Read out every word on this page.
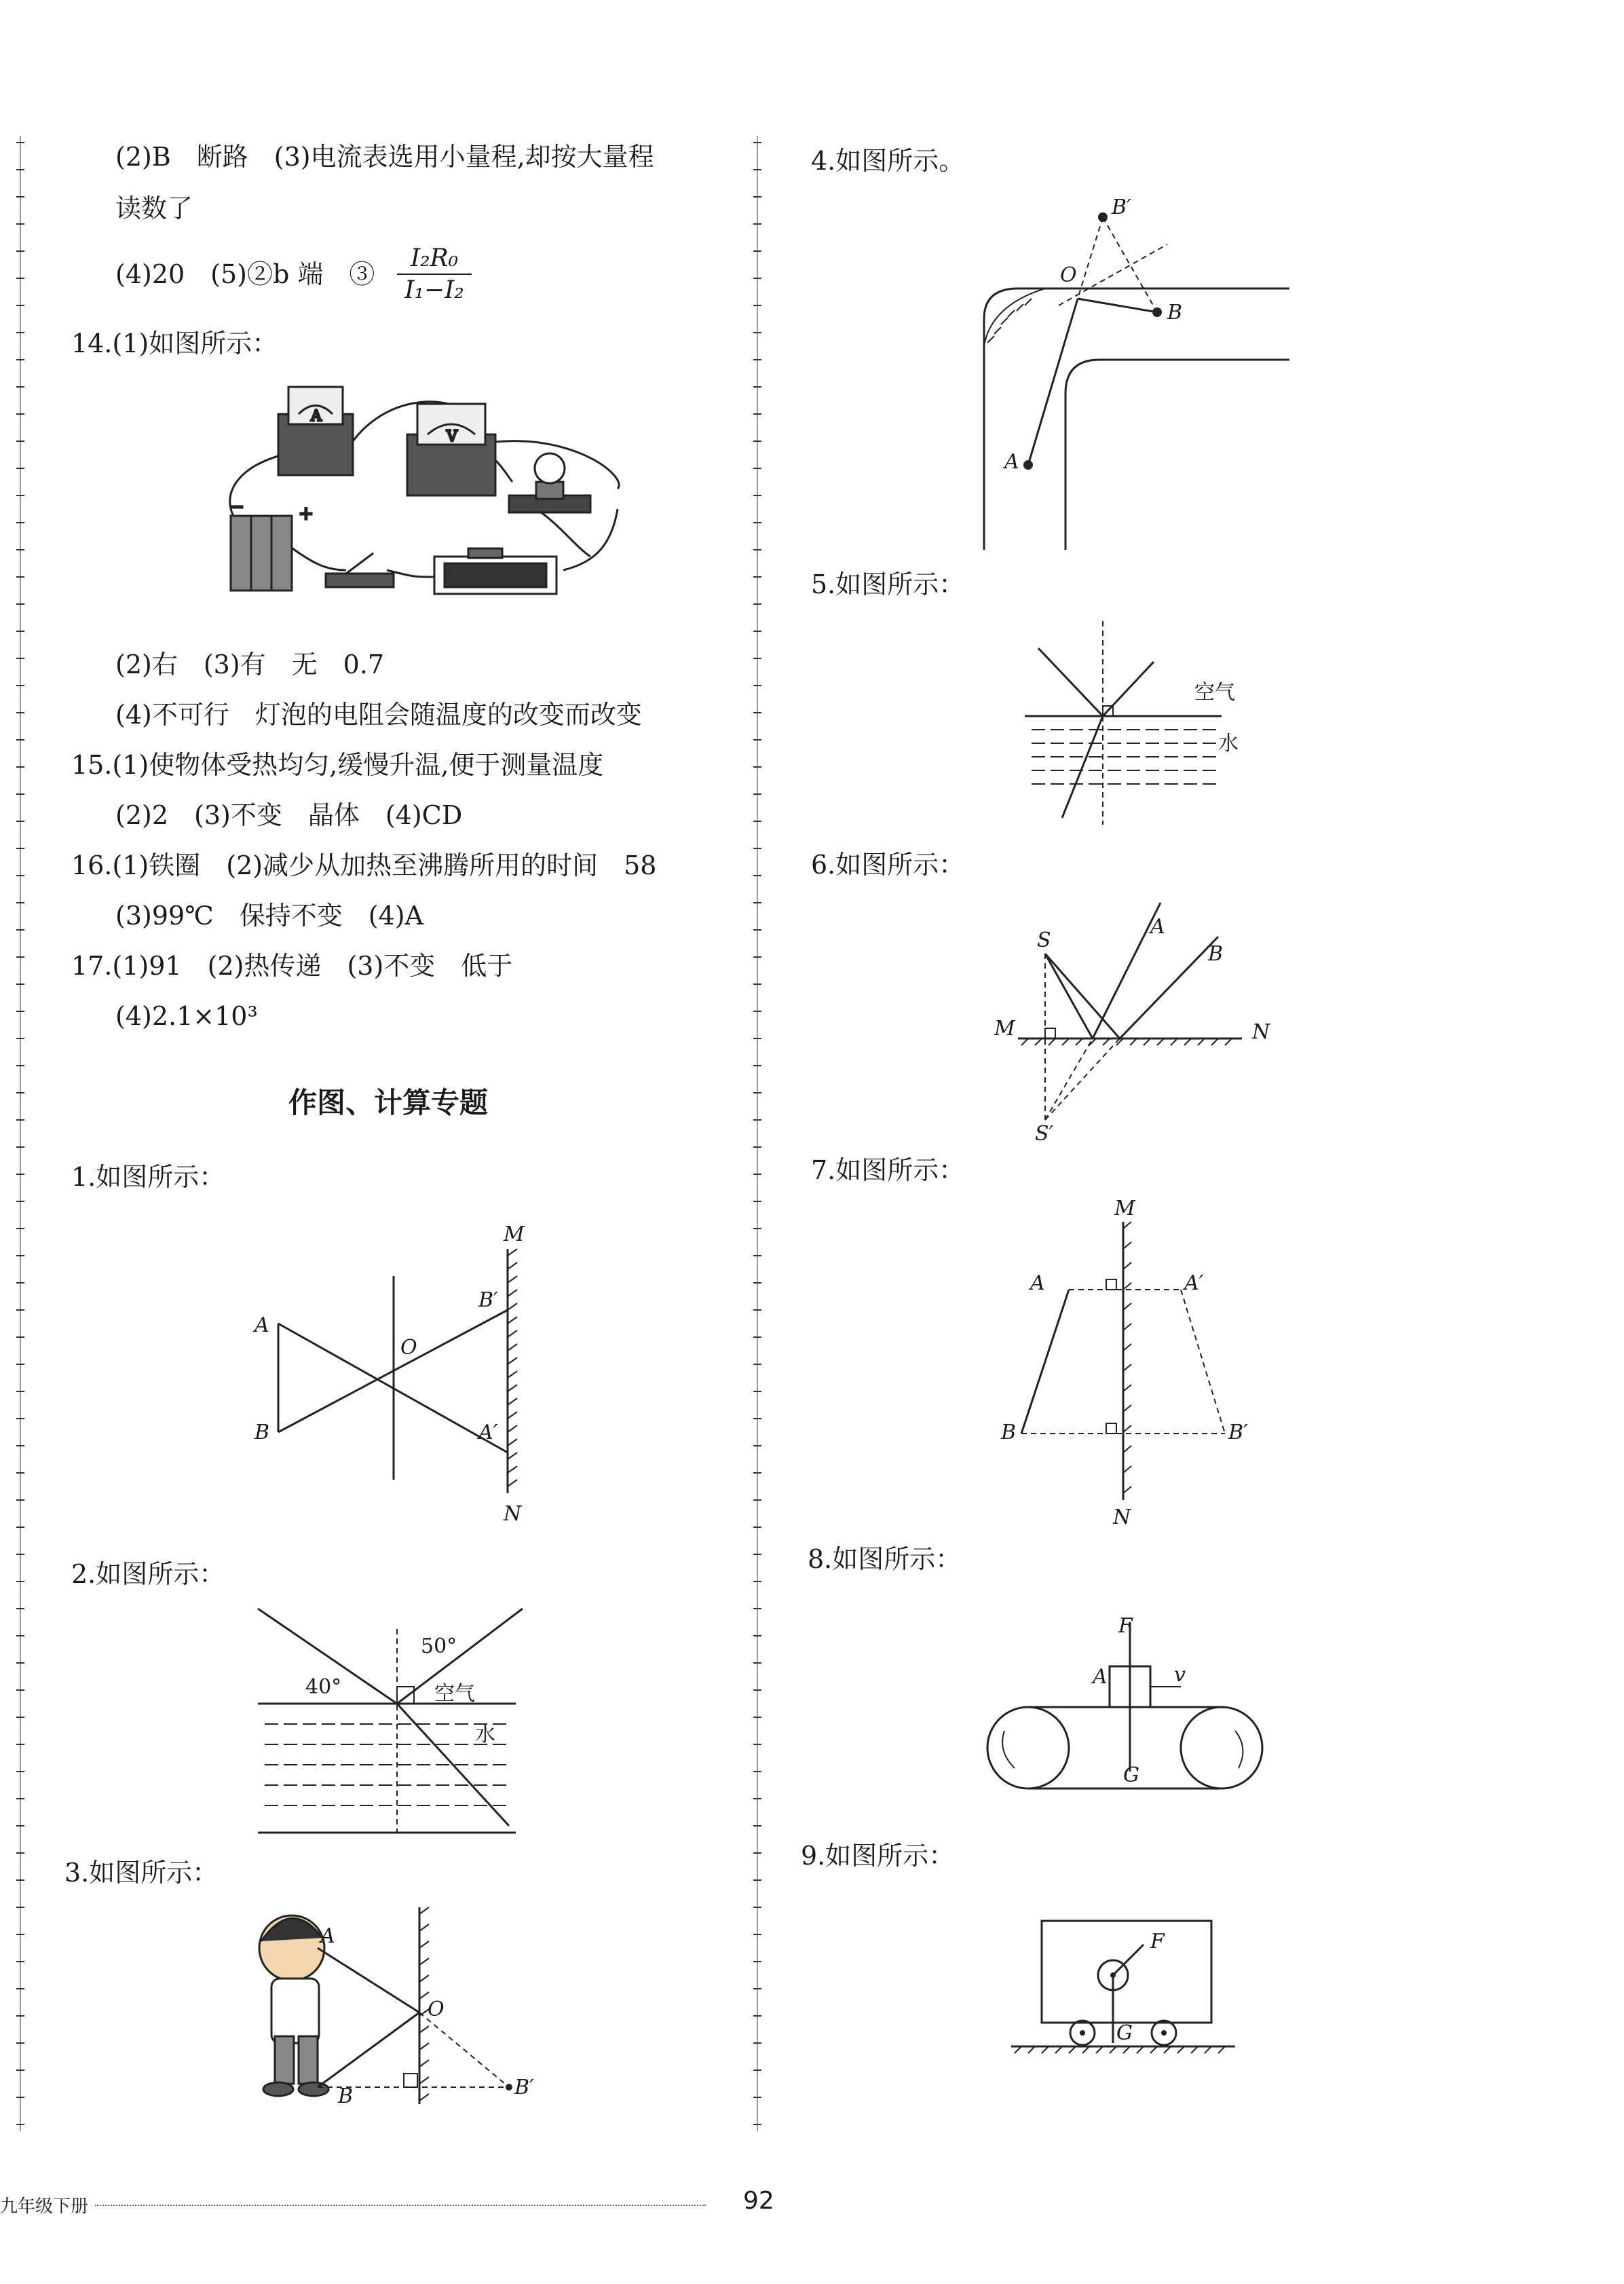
(2)B　断路　(3)电流表选用小量程,却按大量程
读数了
(4)20　(5)②b 端　③
I₂R₀
I₁−I₂
14.(1)如图所示：
A
V
−	+
(2)右　(3)有　无　0.7
(4)不可行　灯泡的电阻会随温度的改变而改变
15.(1)使物体受热均匀,缓慢升温,便于测量温度
(2)2　(3)不变　晶体　(4)CD
16.(1)铁圈　(2)减少从加热至沸腾所用的时间　58
(3)99℃　保持不变　(4)A
17.(1)91　(2)热传递　(3)不变　低于
(4)2.1×10³
作图、计算专题
1.如图所示：
M
N
A
B
O
B′
A′
2.如图所示：
50°
40°	空气
水
3.如图所示：
A
B
O
B′
4.如图所示。
B′
B
A
O
5.如图所示：
空气
水
6.如图所示：
S
S′
M	N
A
B
7.如图所示：
M
N
A	A′
B	B′
8.如图所示：
F
A	v
G
9.如图所示：
F
G
九年级下册	92
